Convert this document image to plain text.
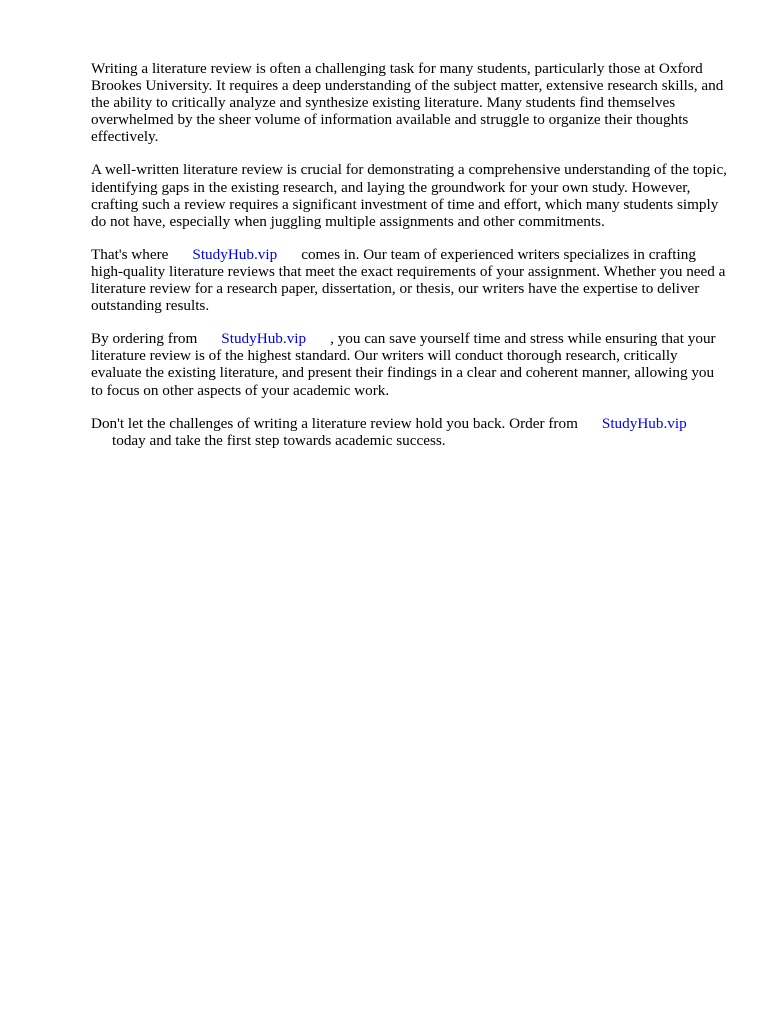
Writing a literature review is often a challenging task for many students, particularly those at Oxford Brookes University. It requires a deep understanding of the subject matter, extensive research skills, and the ability to critically analyze and synthesize existing literature. Many students find themselves overwhelmed by the sheer volume of information available and struggle to organize their thoughts effectively.

A well-written literature review is crucial for demonstrating a comprehensive understanding of the topic, identifying gaps in the existing research, and laying the groundwork for your own study. However, crafting such a review requires a significant investment of time and effort, which many students simply do not have, especially when juggling multiple assignments and other commitments.

That's where StudyHub.vip comes in. Our team of experienced writers specializes in crafting high-quality literature reviews that meet the exact requirements of your assignment. Whether you need a literature review for a research paper, dissertation, or thesis, our writers have the expertise to deliver outstanding results.

By ordering from StudyHub.vip , you can save yourself time and stress while ensuring that your literature review is of the highest standard. Our writers will conduct thorough research, critically evaluate the existing literature, and present their findings in a clear and coherent manner, allowing you to focus on other aspects of your academic work.

Don't let the challenges of writing a literature review hold you back. Order from StudyHub.vip
today and take the first step towards academic success.
